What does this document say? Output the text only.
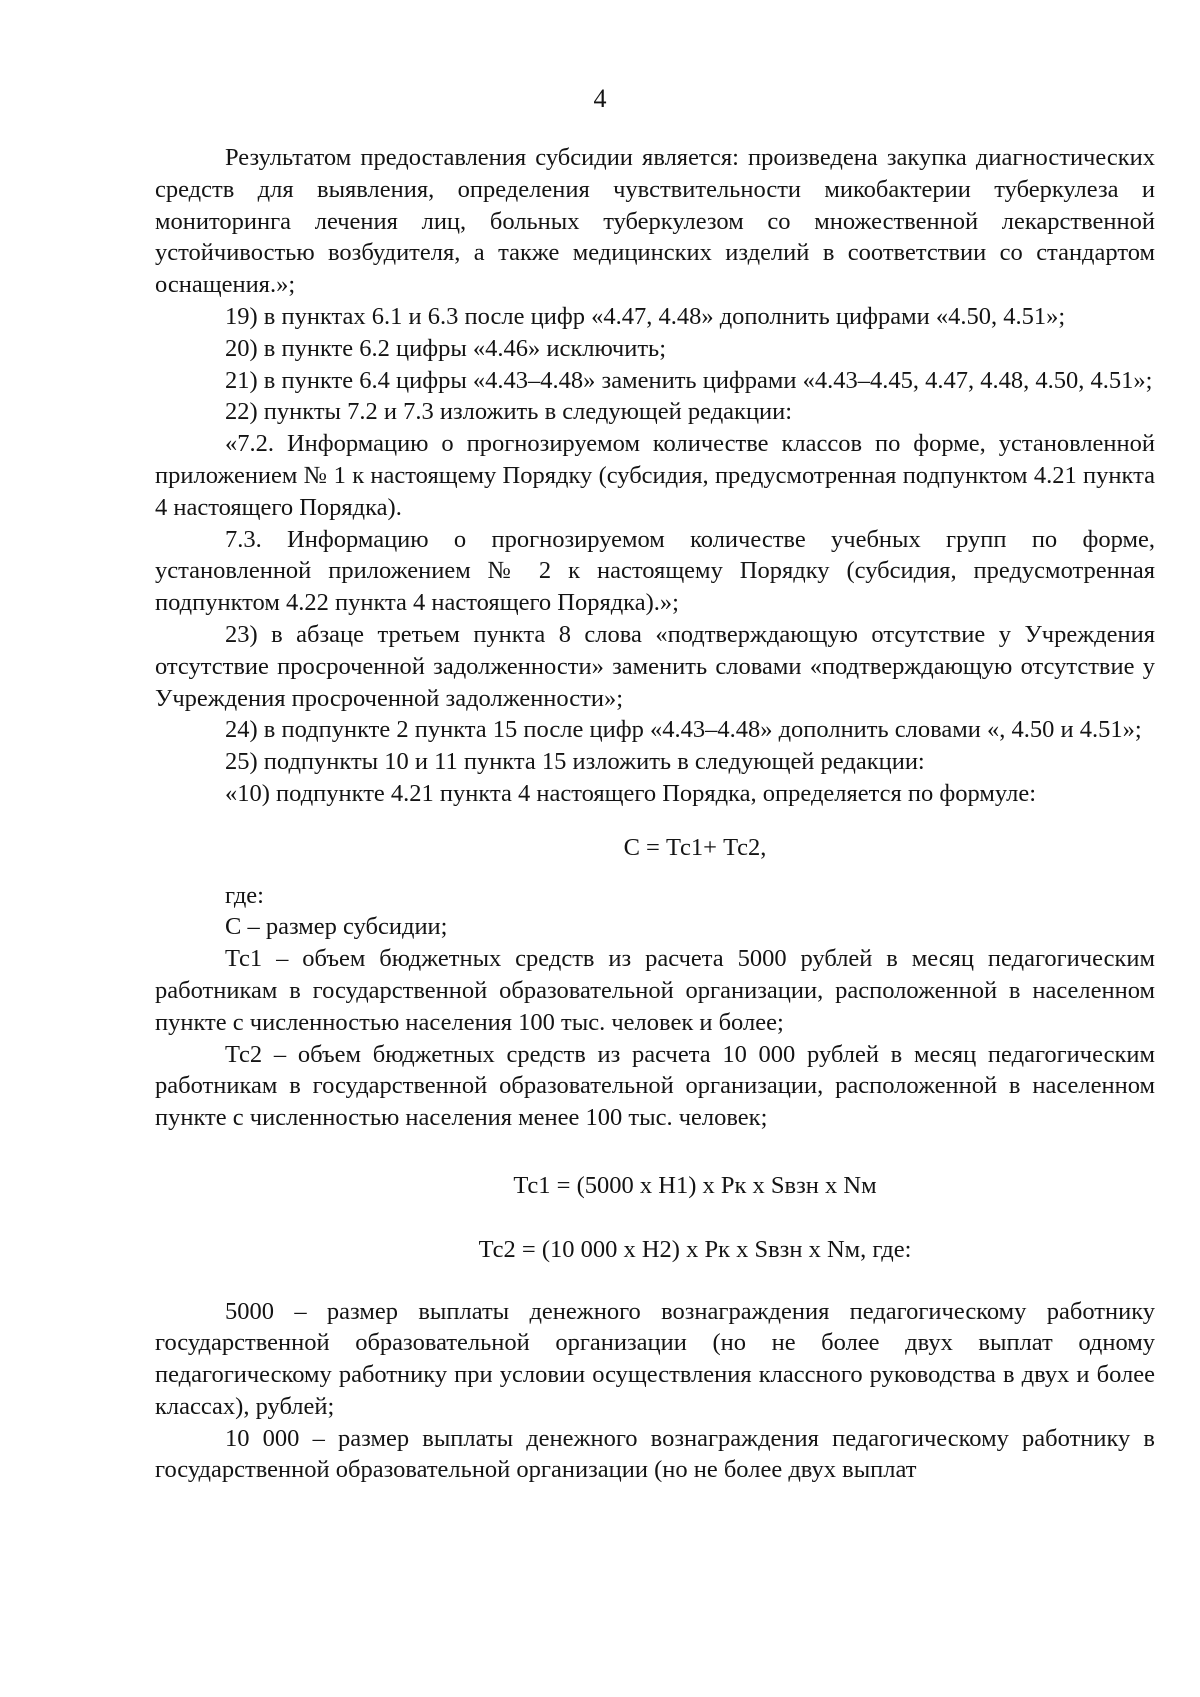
4

Результатом предоставления субсидии является: произведена закупка диагностических средств для выявления, определения чувствительности микобактерии туберкулеза и мониторинга лечения лиц, больных туберкулезом со множественной лекарственной устойчивостью возбудителя, а также медицинских изделий в соответствии со стандартом оснащения.»;

19) в пунктах 6.1 и 6.3 после цифр «4.47, 4.48» дополнить цифрами «4.50, 4.51»;

20) в пункте 6.2 цифры «4.46» исключить;

21) в пункте 6.4 цифры «4.43–4.48» заменить цифрами «4.43–4.45, 4.47, 4.48, 4.50, 4.51»;

22) пункты 7.2 и 7.3 изложить в следующей редакции:

«7.2. Информацию о прогнозируемом количестве классов по форме, установленной приложением № 1 к настоящему Порядку (субсидия, предусмотренная подпунктом 4.21 пункта 4 настоящего Порядка).

7.3. Информацию о прогнозируемом количестве учебных групп по форме, установленной приложением № 2 к настоящему Порядку (субсидия, предусмотренная подпунктом 4.22 пункта 4 настоящего Порядка).»;

23) в абзаце третьем пункта 8 слова «подтверждающую отсутствие у Учреждения отсутствие просроченной задолженности» заменить словами «подтверждающую отсутствие у Учреждения просроченной задолженности»;

24) в подпункте 2 пункта 15 после цифр «4.43–4.48» дополнить словами «, 4.50 и 4.51»;

25) подпункты 10 и 11 пункта 15 изложить в следующей редакции:

«10) подпункте 4.21 пункта 4 настоящего Порядка, определяется по формуле:

С = Тс1+ Тс2,

где:

С – размер субсидии;

Тс1 – объем бюджетных средств из расчета 5000 рублей в месяц педагогическим работникам в государственной образовательной организации, расположенной в населенном пункте с численностью населения 100 тыс. человек и более;

Тс2 – объем бюджетных средств из расчета 10 000 рублей в месяц педагогическим работникам в государственной образовательной организации, расположенной в населенном пункте с численностью населения менее 100 тыс. человек;

Тс1 = (5000 х Н1) х Рк х Sвзн х Nм

Тс2 = (10 000 х Н2) х Рк х Sвзн х Nм, где:

5000 – размер выплаты денежного вознаграждения педагогическому работнику государственной образовательной организации (но не более двух выплат одному педагогическому работнику при условии осуществления классного руководства в двух и более классах), рублей;

10 000 – размер выплаты денежного вознаграждения педагогическому работнику в государственной образовательной организации (но не более двух выплат
